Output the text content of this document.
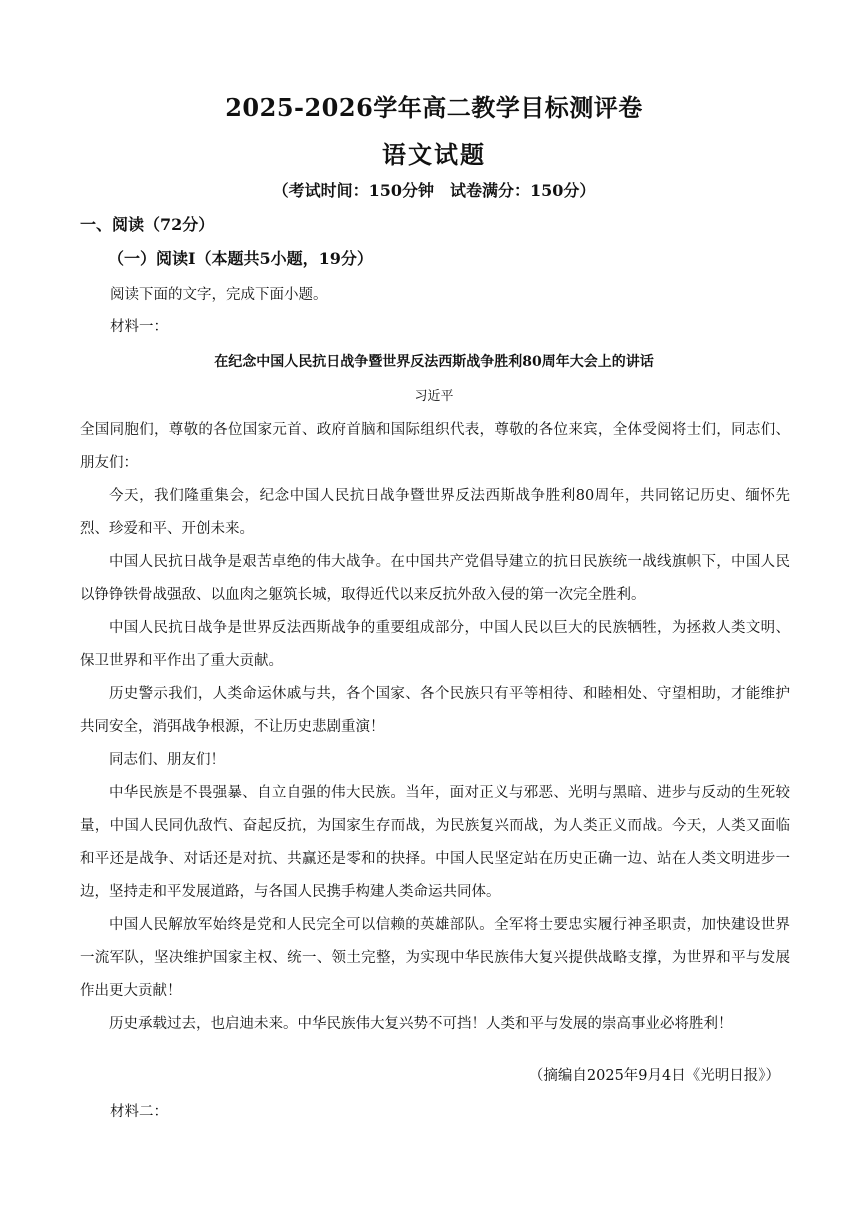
2025-2026学年高二教学目标测评卷
语文试题
（考试时间：150分钟　试卷满分：150分）
一、阅读（72分）
（一）阅读Ⅰ（本题共5小题，19分）
阅读下面的文字，完成下面小题。
材料一：
在纪念中国人民抗日战争暨世界反法西斯战争胜利80周年大会上的讲话
习近平

全国同胞们，尊敬的各位国家元首、政府首脑和国际组织代表，尊敬的各位来宾，全体受阅将士们，同志们、朋友们：

今天，我们隆重集会，纪念中国人民抗日战争暨世界反法西斯战争胜利80周年，共同铭记历史、缅怀先烈、珍爱和平、开创未来。

中国人民抗日战争是艰苦卓绝的伟大战争。在中国共产党倡导建立的抗日民族统一战线旗帜下，中国人民以铮铮铁骨战强敌、以血肉之躯筑长城，取得近代以来反抗外敌入侵的第一次完全胜利。

中国人民抗日战争是世界反法西斯战争的重要组成部分，中国人民以巨大的民族牺牲，为拯救人类文明、保卫世界和平作出了重大贡献。

历史警示我们，人类命运休戚与共，各个国家、各个民族只有平等相待、和睦相处、守望相助，才能维护共同安全，消弭战争根源，不让历史悲剧重演！

同志们、朋友们！

中华民族是不畏强暴、自立自强的伟大民族。当年，面对正义与邪恶、光明与黑暗、进步与反动的生死较量，中国人民同仇敌忾、奋起反抗，为国家生存而战，为民族复兴而战，为人类正义而战。今天，人类又面临和平还是战争、对话还是对抗、共赢还是零和的抉择。中国人民坚定站在历史正确一边、站在人类文明进步一边，坚持走和平发展道路，与各国人民携手构建人类命运共同体。

中国人民解放军始终是党和人民完全可以信赖的英雄部队。全军将士要忠实履行神圣职责，加快建设世界一流军队，坚决维护国家主权、统一、领土完整，为实现中华民族伟大复兴提供战略支撑，为世界和平与发展作出更大贡献！

历史承载过去，也启迪未来。中华民族伟大复兴势不可挡！人类和平与发展的崇高事业必将胜利！

（摘编自2025年9月4日《光明日报》）
材料二：
